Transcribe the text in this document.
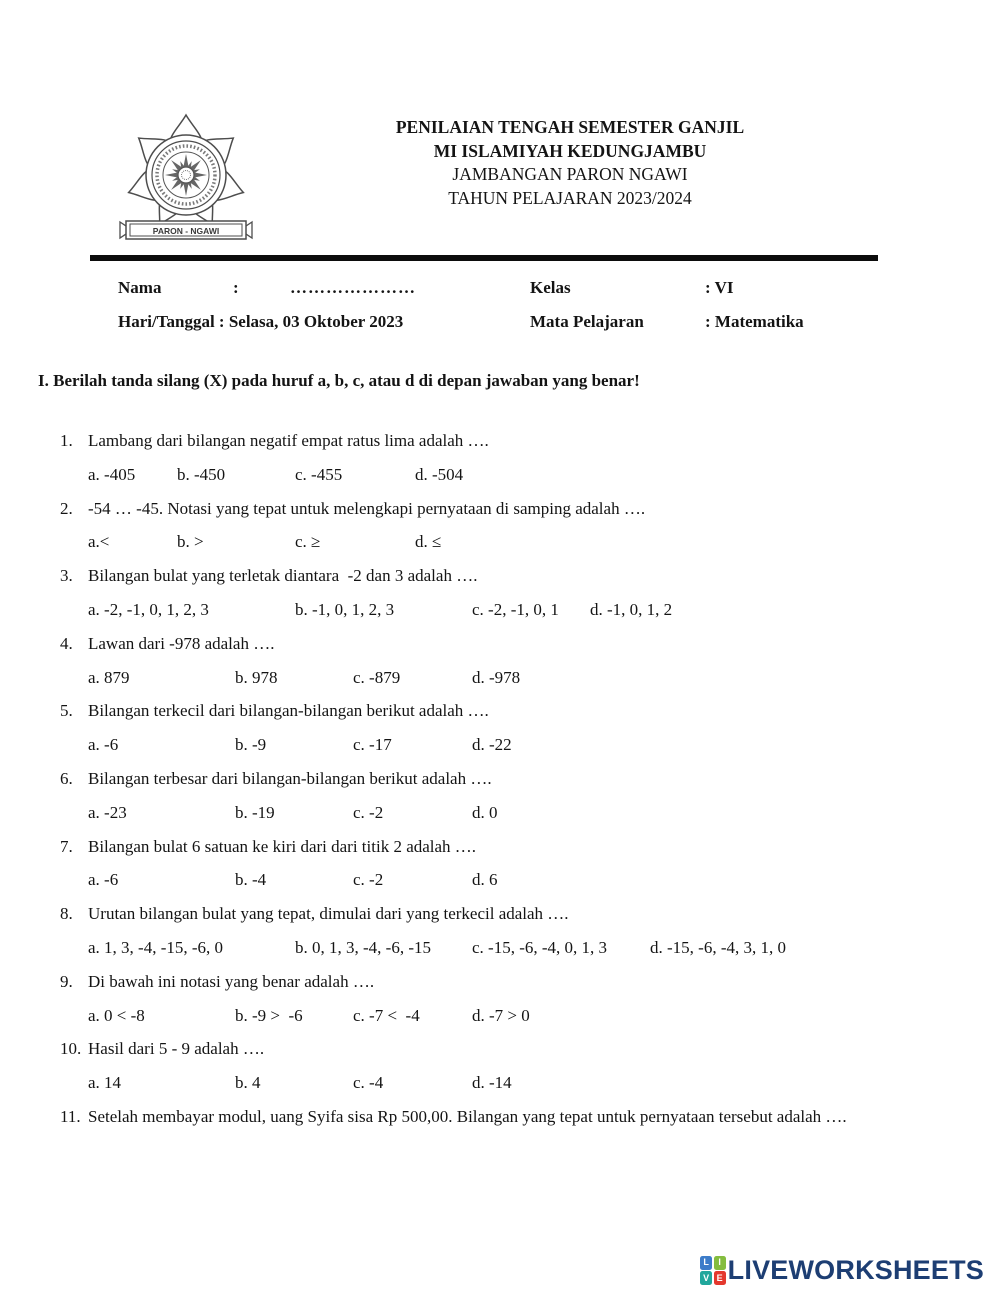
PARON - NGAWI
PENILAIAN TENGAH SEMESTER GANJIL
MI ISLAMIYAH KEDUNGJAMBU
JAMBANGAN PARON NGAWI
TAHUN PELAJARAN 2023/2024
Nama	:	…………………	Kelas	: VI
Hari/Tanggal : Selasa, 03 Oktober 2023	Mata Pelajaran	: Matematika
I. Berilah tanda silang (X) pada huruf a, b, c, atau d di depan jawaban yang benar!
1. Lambang dari bilangan negatif empat ratus lima adalah ….
a. -405	b. -450	c. -455	d. -504
2. -54 … -45. Notasi yang tepat untuk melengkapi pernyataan di samping adalah ….
a.<	b. >	c. ≥	d. ≤
3. Bilangan bulat yang terletak diantara  -2 dan 3 adalah ….
a. -2, -1, 0, 1, 2, 3	b. -1, 0, 1, 2, 3	c. -2, -1, 0, 1	d. -1, 0, 1, 2
4. Lawan dari -978 adalah ….
a. 879	b. 978	c. -879	d. -978
5. Bilangan terkecil dari bilangan-bilangan berikut adalah ….
a. -6	b. -9	c. -17	d. -22
6. Bilangan terbesar dari bilangan-bilangan berikut adalah ….
a. -23	b. -19	c. -2	d. 0
7. Bilangan bulat 6 satuan ke kiri dari dari titik 2 adalah ….
a. -6	b. -4	c. -2	d. 6
8. Urutan bilangan bulat yang tepat, dimulai dari yang terkecil adalah ….
a. 1, 3, -4, -15, -6, 0	b. 0, 1, 3, -4, -6, -15	c. -15, -6, -4, 0, 1, 3	d. -15, -6, -4, 3, 1, 0
9. Di bawah ini notasi yang benar adalah ….
a. 0 < -8	b. -9 >  -6	c. -7 <  -4	d. -7 > 0
10. Hasil dari 5 - 9 adalah ….
a. 14	b. 4	c. -4	d. -14
11. Setelah membayar modul, uang Syifa sisa Rp 500,00. Bilangan yang tepat untuk pernyataan tersebut adalah ….
L	I
V E LIVEWORKSHEETS
